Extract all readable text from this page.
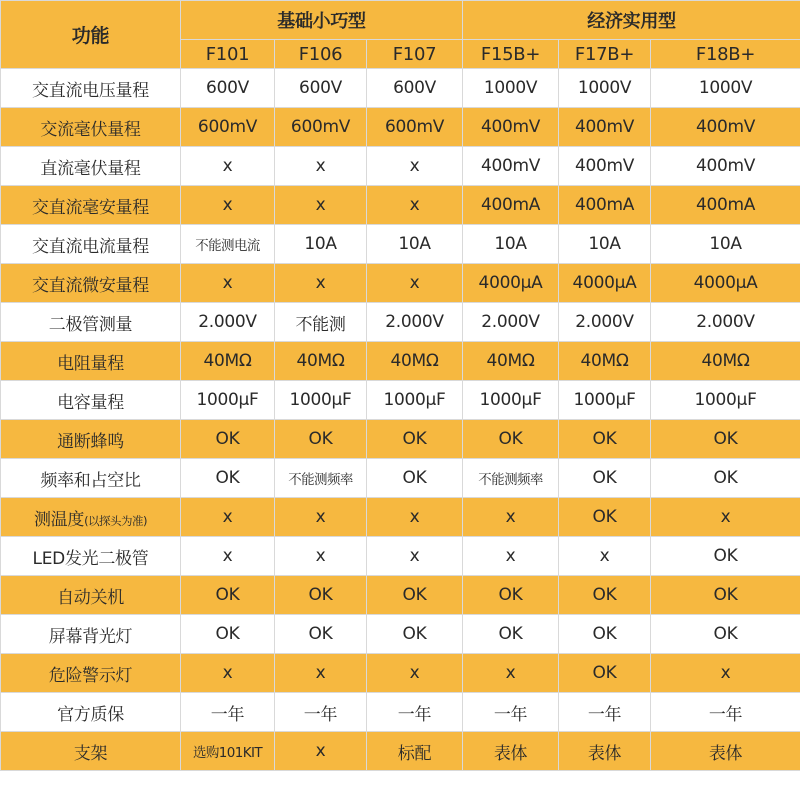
功能	基础小巧型			经济实用型		
	F101	F106	F107	F15B+	F17B+	F18B+
交直流电压量程	600V	600V	600V	1000V	1000V	1000V
交流毫伏量程	600mV	600mV	600mV	400mV	400mV	400mV
直流毫伏量程	x	x	x	400mV	400mV	400mV
交直流毫安量程	x	x	x	400mA	400mA	400mA
交直流电流量程	不能测电流	10A	10A	10A	10A	10A
交直流微安量程	x	x	x	4000µA	4000µA	4000µA
二极管测量	2.000V	不能测	2.000V	2.000V	2.000V	2.000V
电阻量程	40MΩ	40MΩ	40MΩ	40MΩ	40MΩ	40MΩ
电容量程	1000µF	1000µF	1000µF	1000µF	1000µF	1000µF
通断蜂鸣	OK	OK	OK	OK	OK	OK
频率和占空比	OK	不能测频率	OK	不能测频率	OK	OK
测温度(以探头为准)	x	x	x	x	OK	x
LED发光二极管	x	x	x	x	x	OK
自动关机	OK	OK	OK	OK	OK	OK
屏幕背光灯	OK	OK	OK	OK	OK	OK
危险警示灯	x	x	x	x	OK	x
官方质保	一年	一年	一年	一年	一年	一年
支架	选购101KIT	x	标配	表体	表体	表体
